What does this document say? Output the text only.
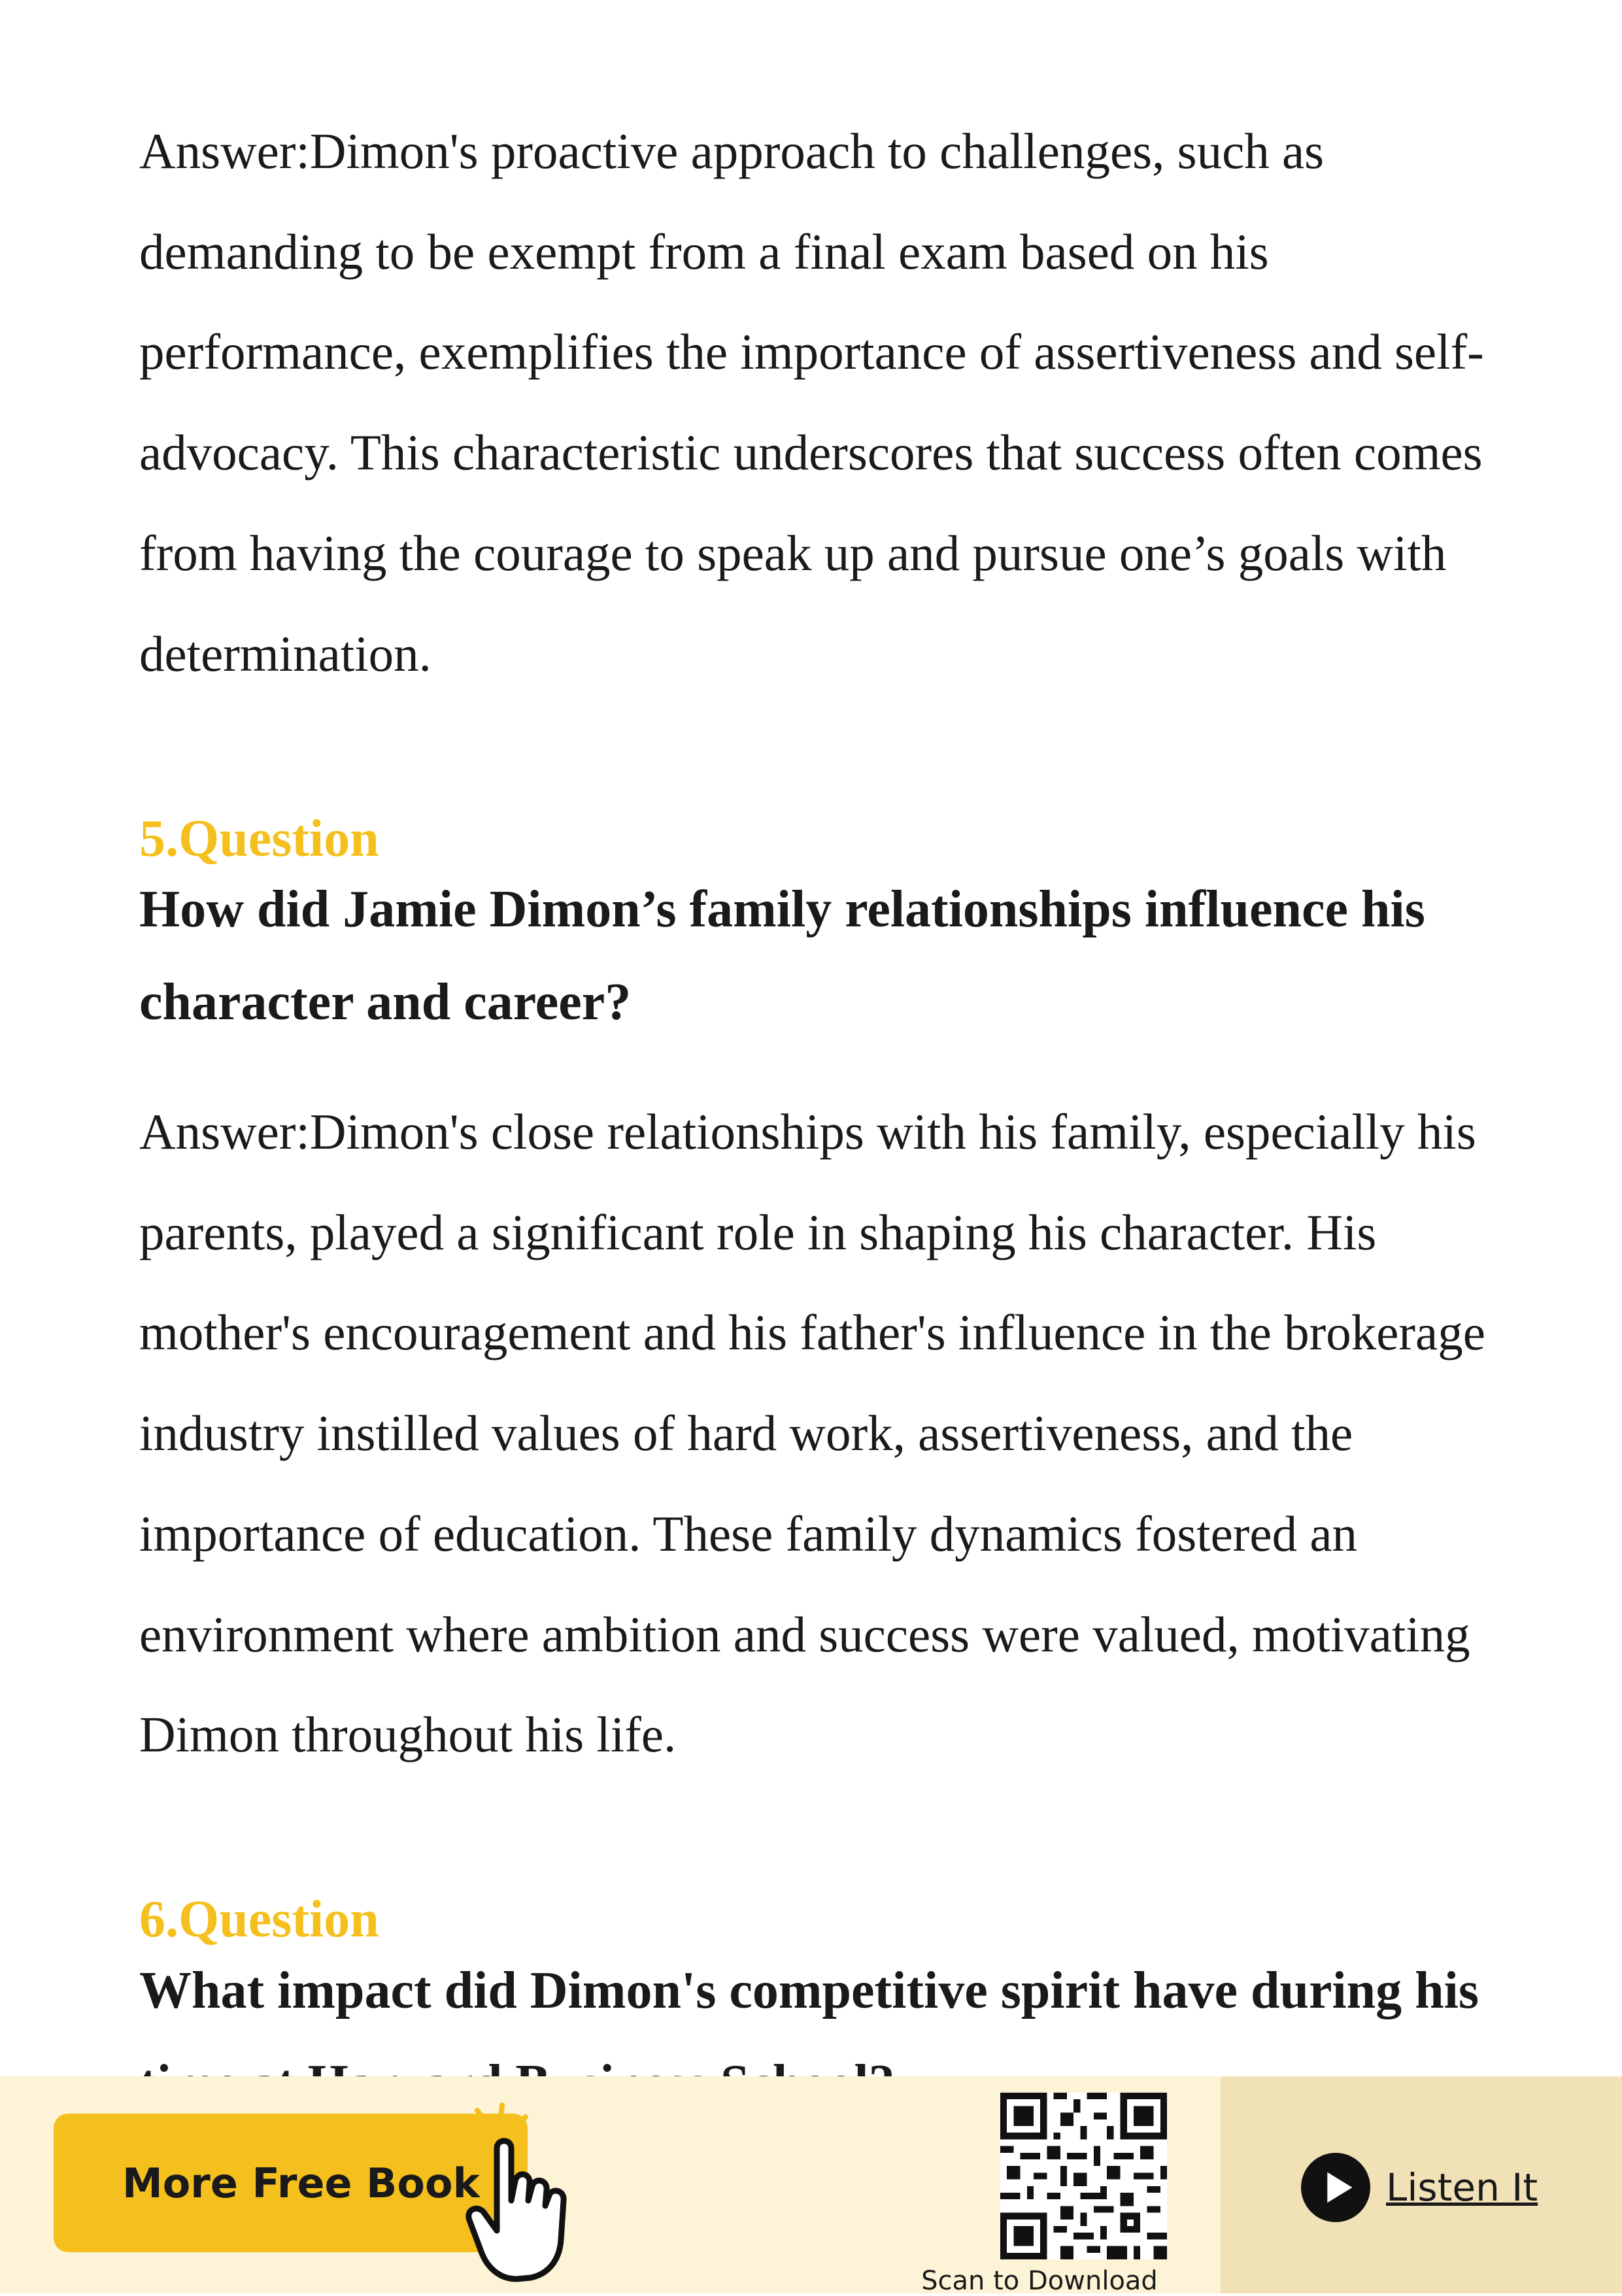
Answer:Dimon's proactive approach to challenges, such as demanding to be exempt from a final exam based on his performance, exemplifies the importance of assertiveness and self-advocacy. This characteristic underscores that success often comes from having the courage to speak up and pursue one’s goals with determination.

5.Question

How did Jamie Dimon’s family relationships influence his character and career?

Answer:Dimon's close relationships with his family, especially his parents, played a significant role in shaping his character. His mother's encouragement and his father's influence in the brokerage industry instilled values of hard work, assertiveness, and the importance of education. These family dynamics fostered an environment where ambition and success were valued, motivating Dimon throughout his life.

6.Question

What impact did Dimon's competitive spirit have during his

More Free Book
Scan to Download
Listen It
